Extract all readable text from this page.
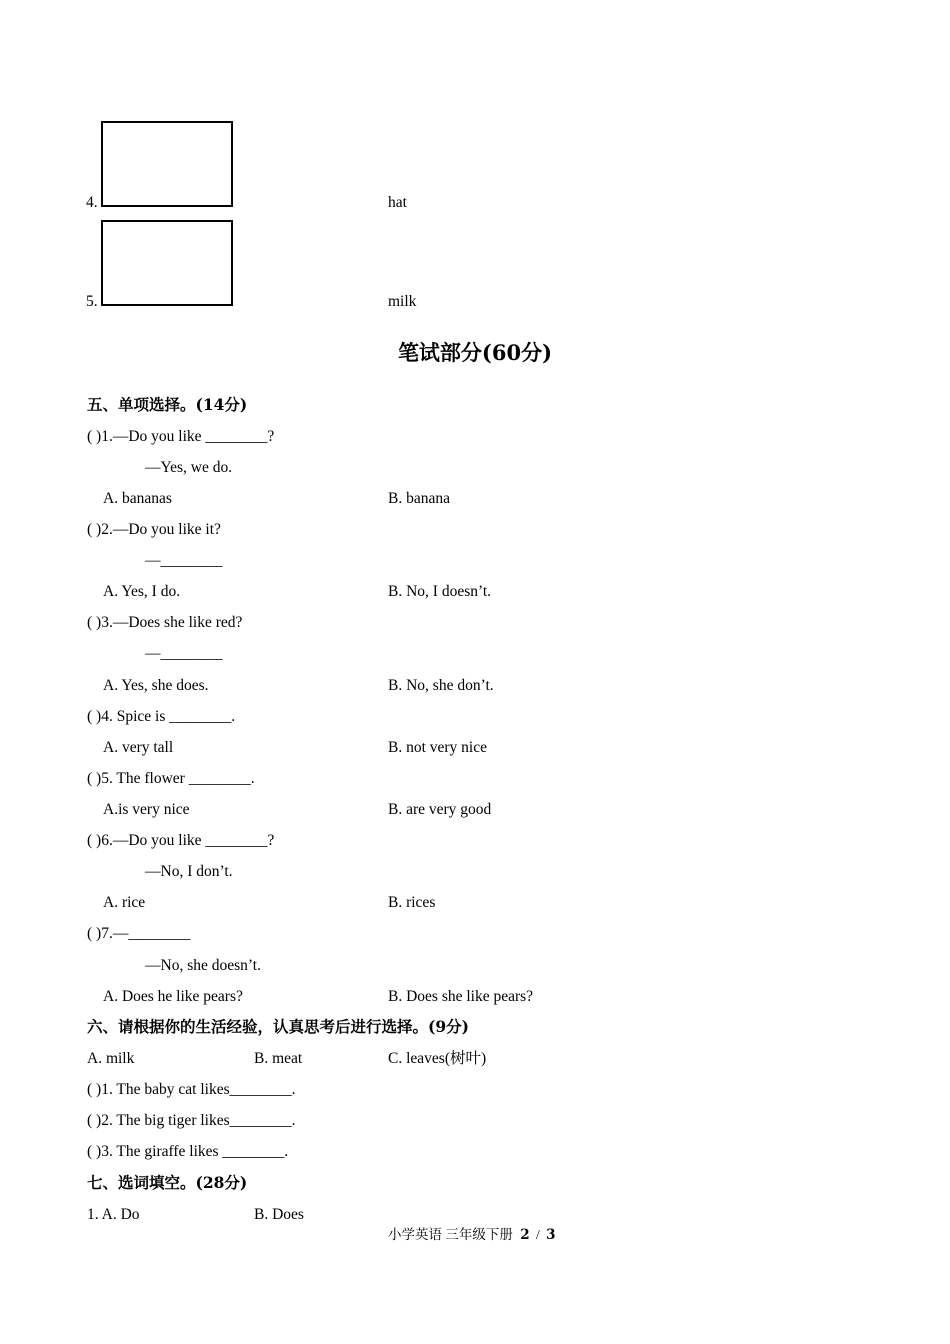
4.	hat
5.	milk
笔试部分(60分)
五、单项选择。(14分)
( )1.—Do you like ________?
—Yes, we do.
A. bananas	B. banana
( )2.—Do you like it?
—________
A. Yes, I do.	B. No, I doesn’t.
( )3.—Does she like red?
—________
A. Yes, she does.	B. No, she don’t.
( )4. Spice is ________.
A. very tall	B. not very nice
( )5. The flower ________.
A.is very nice	B. are very good
( )6.—Do you like ________?
—No, I don’t.
A. rice	B. rices
( )7.—________
—No, she doesn’t.
A. Does he like pears?	B. Does she like pears?
六、请根据你的生活经验，认真思考后进行选择。(9分)
A. milk	B. meat	C. leaves(树叶)
( )1. The baby cat likes________.
( )2. The big tiger likes________.
( )3. The giraffe likes ________.
七、选词填空。(28分)
1. A. Do	B. Does
小学英语 三年级下册 2 / 3
